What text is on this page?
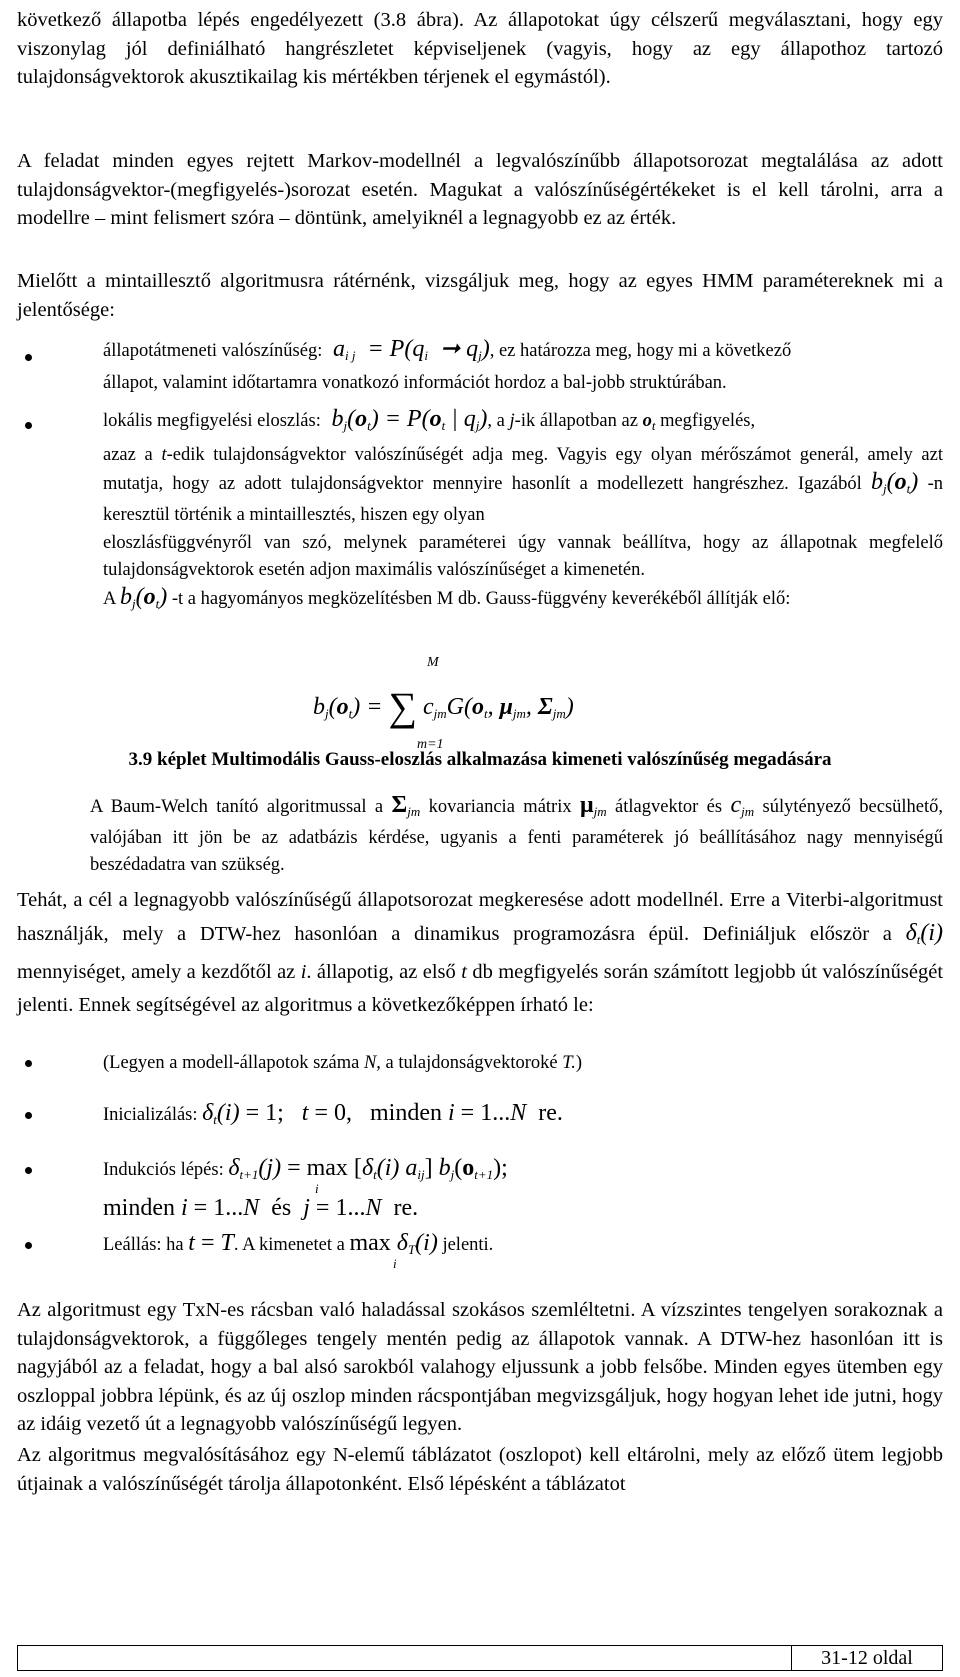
következő állapotba lépés engedélyezett (3.8 ábra). Az állapotokat úgy célszerű megválasztani, hogy egy viszonylag jól definiálható hangrészletet képviseljenek (vagyis, hogy az egy állapothoz tartozó tulajdonságvektorok akusztikailag kis mértékben térjenek el egymástól).

A feladat minden egyes rejtett Markov-modellnél a legvalószínűbb állapotsorozat megtalálása az adott tulajdonságvektor-(megfigyelés-)sorozat esetén. Magukat a valószínűségértékeket is el kell tárolni, arra a modellre – mint felismert szóra – döntünk, amelyiknél a legnagyobb ez az érték.

Mielőtt a mintaillesztő algoritmusra rátérnénk, vizsgáljuk meg, hogy az egyes HMM paramétereknek mi a jelentősége:

állapotátmeneti valószínűség:  $a_{i j} = P(q_i$  ➞ $q_j$), ez határozza meg, hogy mi a következő
állapot, valamint időtartamra vonatkozó információt hordoz a bal-jobb struktúrában.
lokális megfigyelési eloszlás:  $b_j(o_t) = P(o_t$ | $q_j$), a j-ik állapotban az $o_t$ megfigyelés,
azaz a t-edik tulajdonságvektor valószínűségét adja meg. Vagyis egy olyan mérőszámot generál, amely azt mutatja, hogy az adott tulajdonságvektor mennyire hasonlít a modellezett hangrészhez. Igazából $b_j(o_t)$ -n keresztül történik a mintaillesztés, hiszen egy olyan
eloszlásfüggvényről van szó, melynek paraméterei úgy vannak beállítva, hogy az állapotnak megfelelő tulajdonságvektorok esetén adjon maximális valószínűséget a kimenetén.
A $b_j(o_t)$ -t a hagyományos megközelítésben M db. Gauss-függvény keverékéből állítják elő:
M
$b_j(o_t)$ = ∑ $c_{jm}G(o_t$, $\mu_{jm}$, $\Sigma_{jm}$)
m=1
3.9 képlet Multimodális Gauss-eloszlás alkalmazása kimeneti valószínűség megadására
A Baum-Welch tanító algoritmussal a $\Sigma_{jm}$ kovariancia mátrix $\mu_{jm}$ átlagvektor és $c_{jm}$ súlytényező becsülhető, valójában itt jön be az adatbázis kérdése, ugyanis a fenti paraméterek jó beállításához nagy mennyiségű beszédadatra van szükség.
Tehát, a cél a legnagyobb valószínűségű állapotsorozat megkeresése adott modellnél. Erre a Viterbi-algoritmust használják, mely a DTW-hez hasonlóan a dinamikus programozásra épül. Definiáljuk először a $\delta_t(i)$ mennyiséget, amely a kezdőtől az i. állapotig, az első t db megfigyelés során számított legjobb út valószínűségét jelenti. Ennek segítségével az algoritmus a következőképpen írható le:
(Legyen a modell-állapotok száma N, a tulajdonságvektoroké T.)
Inicializálás: $\delta_t(i) = 1$;   t = 0,   minden i = 1...N  re.
Indukciós lépés: $\delta_{t+1}(j) = \max [\delta_t(i)$ $a_{ij}$] $b_j(o_{t+1})$;
i
minden i = 1...N  és  j = 1...N  re.
Leállás: ha t = T. A kimenetet a $\max \delta_T(i)$ jelenti.
i

Az algoritmust egy TxN-es rácsban való haladással szokásos szemléltetni. A vízszintes tengelyen sorakoznak a tulajdonságvektorok, a függőleges tengely mentén pedig az állapotok vannak. A DTW-hez hasonlóan itt is nagyjából az a feladat, hogy a bal alsó sarokból valahogy eljussunk a jobb felsőbe. Minden egyes ütemben egy oszloppal jobbra lépünk, és az új oszlop minden rácspontjában megvizsgáljuk, hogy hogyan lehet ide jutni, hogy az idáig vezető út a legnagyobb valószínűségű legyen.

Az algoritmus megvalósításához egy N-elemű táblázatot (oszlopot) kell eltárolni, mely az előző ütem legjobb útjainak a valószínűségét tárolja állapotonként. Első lépésként a táblázatot

31-12 oldal
